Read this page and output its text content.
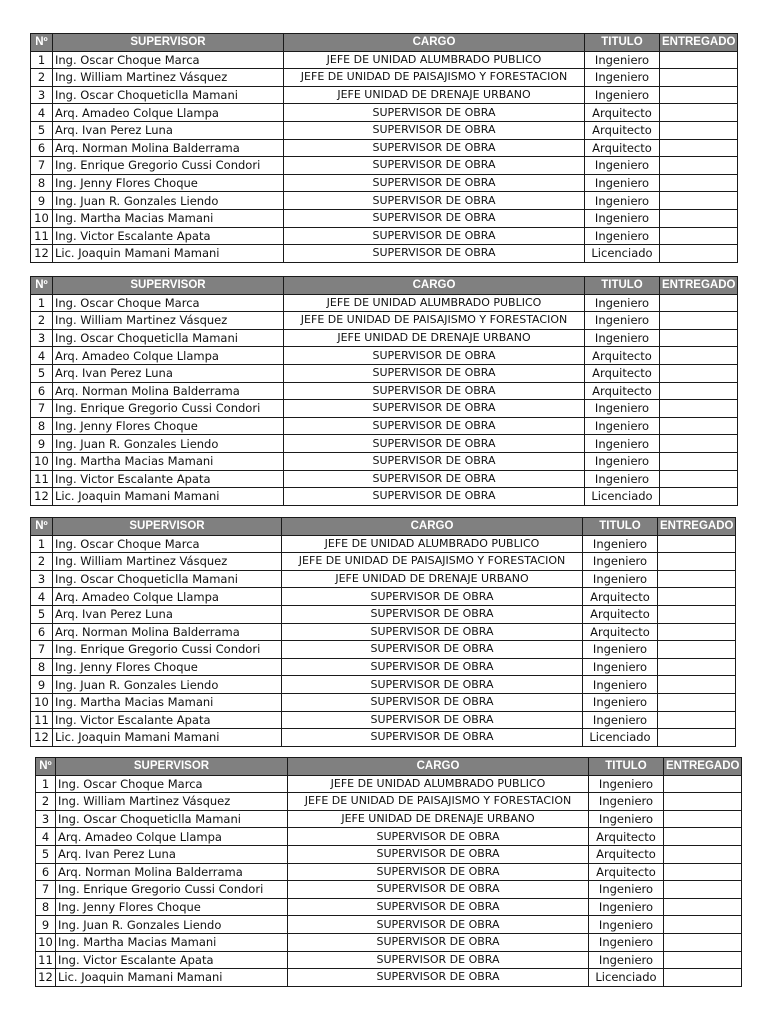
Nº	SUPERVISOR	CARGO	TITULO	ENTREGADO
1	Ing. Oscar Choque Marca	JEFE DE UNIDAD ALUMBRADO PUBLICO	Ingeniero	
2	Ing. William Martinez Vásquez	JEFE DE UNIDAD DE PAISAJISMO Y FORESTACION	Ingeniero	
3	Ing. Oscar Choqueticlla Mamani	JEFE UNIDAD DE DRENAJE URBANO	Ingeniero	
4	Arq. Amadeo Colque Llampa	SUPERVISOR DE OBRA	Arquitecto	
5	Arq. Ivan Perez Luna	SUPERVISOR DE OBRA	Arquitecto	
6	Arq. Norman Molina Balderrama	SUPERVISOR DE OBRA	Arquitecto	
7	Ing. Enrique Gregorio Cussi Condori	SUPERVISOR DE OBRA	Ingeniero	
8	Ing. Jenny Flores Choque	SUPERVISOR DE OBRA	Ingeniero	
9	Ing. Juan R. Gonzales Liendo	SUPERVISOR DE OBRA	Ingeniero	
10	Ing. Martha Macias Mamani	SUPERVISOR DE OBRA	Ingeniero	
11	Ing. Victor Escalante Apata	SUPERVISOR DE OBRA	Ingeniero	
12	Lic. Joaquin Mamani Mamani	SUPERVISOR DE OBRA	Licenciado	
Nº	SUPERVISOR	CARGO	TITULO	ENTREGADO
1	Ing. Oscar Choque Marca	JEFE DE UNIDAD ALUMBRADO PUBLICO	Ingeniero	
2	Ing. William Martinez Vásquez	JEFE DE UNIDAD DE PAISAJISMO Y FORESTACION	Ingeniero	
3	Ing. Oscar Choqueticlla Mamani	JEFE UNIDAD DE DRENAJE URBANO	Ingeniero	
4	Arq. Amadeo Colque Llampa	SUPERVISOR DE OBRA	Arquitecto	
5	Arq. Ivan Perez Luna	SUPERVISOR DE OBRA	Arquitecto	
6	Arq. Norman Molina Balderrama	SUPERVISOR DE OBRA	Arquitecto	
7	Ing. Enrique Gregorio Cussi Condori	SUPERVISOR DE OBRA	Ingeniero	
8	Ing. Jenny Flores Choque	SUPERVISOR DE OBRA	Ingeniero	
9	Ing. Juan R. Gonzales Liendo	SUPERVISOR DE OBRA	Ingeniero	
10	Ing. Martha Macias Mamani	SUPERVISOR DE OBRA	Ingeniero	
11	Ing. Victor Escalante Apata	SUPERVISOR DE OBRA	Ingeniero	
12	Lic. Joaquin Mamani Mamani	SUPERVISOR DE OBRA	Licenciado	
Nº	SUPERVISOR	CARGO	TITULO	ENTREGADO
1	Ing. Oscar Choque Marca	JEFE DE UNIDAD ALUMBRADO PUBLICO	Ingeniero	
2	Ing. William Martinez Vásquez	JEFE DE UNIDAD DE PAISAJISMO Y FORESTACION	Ingeniero	
3	Ing. Oscar Choqueticlla Mamani	JEFE UNIDAD DE DRENAJE URBANO	Ingeniero	
4	Arq. Amadeo Colque Llampa	SUPERVISOR DE OBRA	Arquitecto	
5	Arq. Ivan Perez Luna	SUPERVISOR DE OBRA	Arquitecto	
6	Arq. Norman Molina Balderrama	SUPERVISOR DE OBRA	Arquitecto	
7	Ing. Enrique Gregorio Cussi Condori	SUPERVISOR DE OBRA	Ingeniero	
8	Ing. Jenny Flores Choque	SUPERVISOR DE OBRA	Ingeniero	
9	Ing. Juan R. Gonzales Liendo	SUPERVISOR DE OBRA	Ingeniero	
10	Ing. Martha Macias Mamani	SUPERVISOR DE OBRA	Ingeniero	
11	Ing. Victor Escalante Apata	SUPERVISOR DE OBRA	Ingeniero	
12	Lic. Joaquin Mamani Mamani	SUPERVISOR DE OBRA	Licenciado	
Nº	SUPERVISOR	CARGO	TITULO	ENTREGADO
1	Ing. Oscar Choque Marca	JEFE DE UNIDAD ALUMBRADO PUBLICO	Ingeniero	
2	Ing. William Martinez Vásquez	JEFE DE UNIDAD DE PAISAJISMO Y FORESTACION	Ingeniero	
3	Ing. Oscar Choqueticlla Mamani	JEFE UNIDAD DE DRENAJE URBANO	Ingeniero	
4	Arq. Amadeo Colque Llampa	SUPERVISOR DE OBRA	Arquitecto	
5	Arq. Ivan Perez Luna	SUPERVISOR DE OBRA	Arquitecto	
6	Arq. Norman Molina Balderrama	SUPERVISOR DE OBRA	Arquitecto	
7	Ing. Enrique Gregorio Cussi Condori	SUPERVISOR DE OBRA	Ingeniero	
8	Ing. Jenny Flores Choque	SUPERVISOR DE OBRA	Ingeniero	
9	Ing. Juan R. Gonzales Liendo	SUPERVISOR DE OBRA	Ingeniero	
10	Ing. Martha Macias Mamani	SUPERVISOR DE OBRA	Ingeniero	
11	Ing. Victor Escalante Apata	SUPERVISOR DE OBRA	Ingeniero	
12	Lic. Joaquin Mamani Mamani	SUPERVISOR DE OBRA	Licenciado	
